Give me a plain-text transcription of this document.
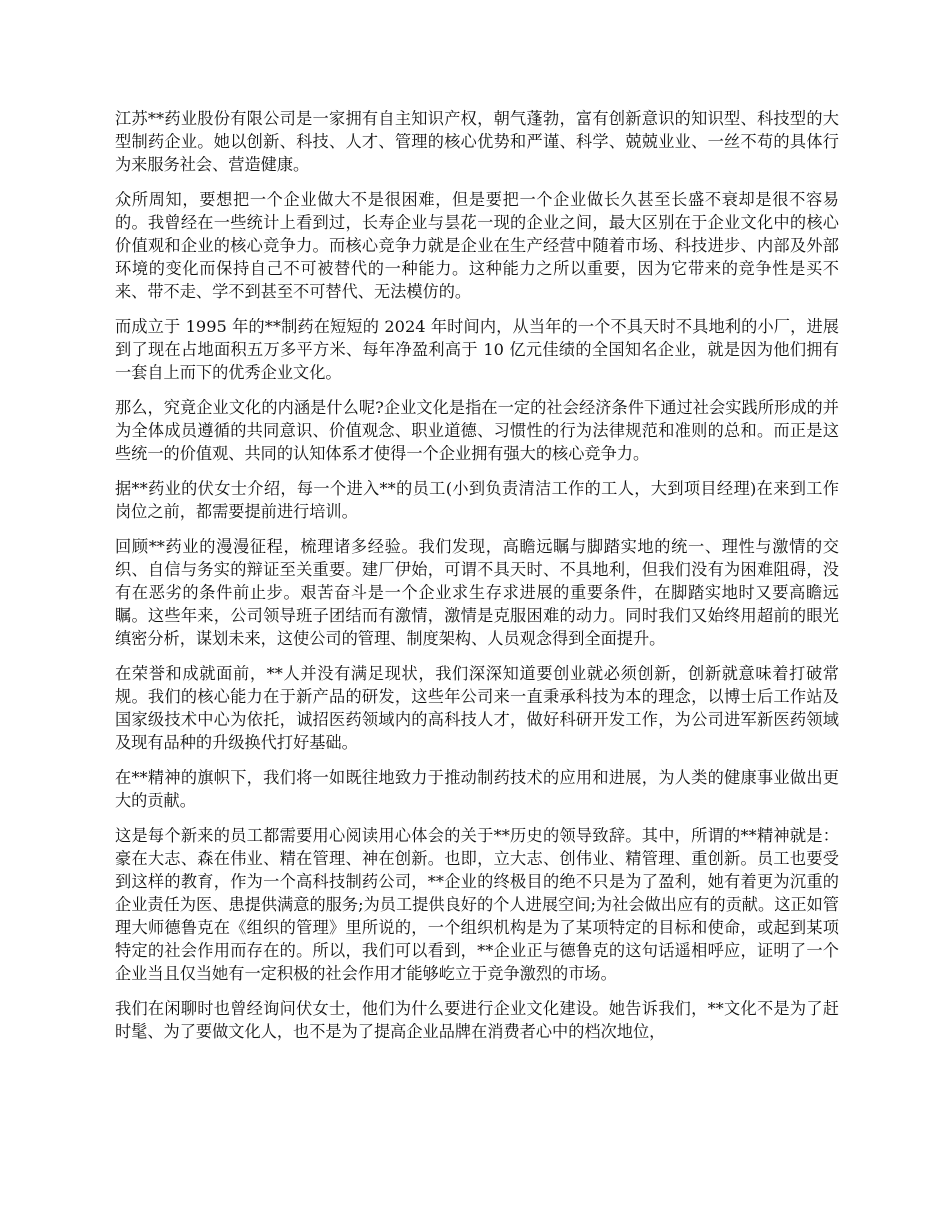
江苏**药业股份有限公司是一家拥有自主知识产权，朝气蓬勃，富有创新意识的知识型、科技型的大型制药企业。她以创新、科技、人才、管理的核心优势和严谨、科学、兢兢业业、一丝不苟的具体行为来服务社会、营造健康。

众所周知，要想把一个企业做大不是很困难，但是要把一个企业做长久甚至长盛不衰却是很不容易的。我曾经在一些统计上看到过，长寿企业与昙花一现的企业之间，最大区别在于企业文化中的核心价值观和企业的核心竞争力。而核心竞争力就是企业在生产经营中随着市场、科技进步、内部及外部环境的变化而保持自己不可被替代的一种能力。这种能力之所以重要，因为它带来的竞争性是买不来、带不走、学不到甚至不可替代、无法模仿的。

而成立于 1995 年的**制药在短短的 2024 年时间内，从当年的一个不具天时不具地利的小厂，进展到了现在占地面积五万多平方米、每年净盈利高于 10 亿元佳绩的全国知名企业，就是因为他们拥有一套自上而下的优秀企业文化。

那么，究竟企业文化的内涵是什么呢?企业文化是指在一定的社会经济条件下通过社会实践所形成的并为全体成员遵循的共同意识、价值观念、职业道德、习惯性的行为法律规范和准则的总和。而正是这些统一的价值观、共同的认知体系才使得一个企业拥有强大的核心竞争力。

据**药业的伏女士介绍，每一个进入**的员工(小到负责清洁工作的工人，大到项目经理)在来到工作岗位之前，都需要提前进行培训。

回顾**药业的漫漫征程，梳理诸多经验。我们发现，高瞻远瞩与脚踏实地的统一、理性与激情的交织、自信与务实的辩证至关重要。建厂伊始，可谓不具天时、不具地利，但我们没有为困难阻碍，没有在恶劣的条件前止步。艰苦奋斗是一个企业求生存求进展的重要条件，在脚踏实地时又要高瞻远瞩。这些年来，公司领导班子团结而有激情，激情是克服困难的动力。同时我们又始终用超前的眼光缜密分析，谋划未来，这使公司的管理、制度架构、人员观念得到全面提升。

在荣誉和成就面前，**人并没有满足现状，我们深深知道要创业就必须创新，创新就意味着打破常规。我们的核心能力在于新产品的研发，这些年公司来一直秉承科技为本的理念，以博士后工作站及国家级技术中心为依托，诚招医药领域内的高科技人才，做好科研开发工作，为公司进军新医药领域及现有品种的升级换代打好基础。

在**精神的旗帜下，我们将一如既往地致力于推动制药技术的应用和进展，为人类的健康事业做出更大的贡献。

这是每个新来的员工都需要用心阅读用心体会的关于**历史的领导致辞。其中，所谓的**精神就是：豪在大志、森在伟业、精在管理、神在创新。也即，立大志、创伟业、精管理、重创新。员工也要受到这样的教育，作为一个高科技制药公司，**企业的终极目的绝不只是为了盈利，她有着更为沉重的企业责任为医、患提供满意的服务;为员工提供良好的个人进展空间;为社会做出应有的贡献。这正如管理大师德鲁克在《组织的管理》里所说的，一个组织机构是为了某项特定的目标和使命，或起到某项特定的社会作用而存在的。所以，我们可以看到，**企业正与德鲁克的这句话遥相呼应，证明了一个企业当且仅当她有一定积极的社会作用才能够屹立于竞争激烈的市场。

我们在闲聊时也曾经询问伏女士，他们为什么要进行企业文化建设。她告诉我们，**文化不是为了赶时髦、为了要做文化人，也不是为了提高企业品牌在消费者心中的档次地位，
